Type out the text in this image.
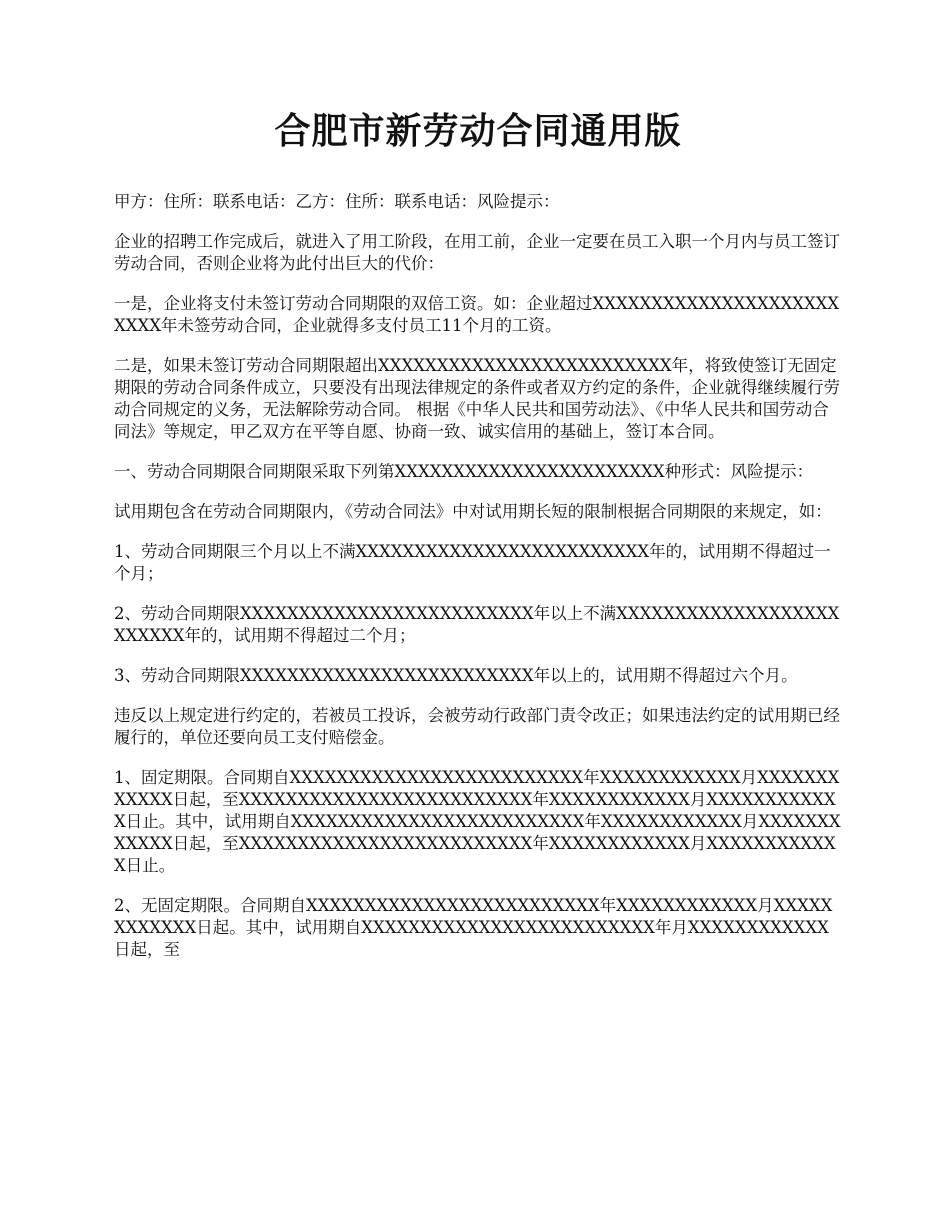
合肥市新劳动合同通用版

甲方：住所：联系电话：乙方：住所：联系电话：风险提示：

企业的招聘工作完成后，就进入了用工阶段，在用工前，企业一定要在员工入职一个月内与员工签订劳动合同，否则企业将为此付出巨大的代价：

一是，企业将支付未签订劳动合同期限的双倍工资。如：企业超过XXXXXXXXXXXXXXXXXXXXXXXXX年未签劳动合同，企业就得多支付员工11个月的工资。

二是，如果未签订劳动合同期限超出XXXXXXXXXXXXXXXXXXXXXXXXX年，将致使签订无固定期限的劳动合同条件成立，只要没有出现法律规定的条件或者双方约定的条件，企业就得继续履行劳动合同规定的义务，无法解除劳动合同。 根据《中华人民共和国劳动法》、《中华人民共和国劳动合同法》等规定，甲乙双方在平等自愿、协商一致、诚实信用的基础上，签订本合同。

一、劳动合同期限合同期限采取下列第XXXXXXXXXXXXXXXXXXXXXXX种形式：风险提示：

试用期包含在劳动合同期限内，《劳动合同法》中对试用期长短的限制根据合同期限的来规定，如：

1、劳动合同期限三个月以上不满XXXXXXXXXXXXXXXXXXXXXXXXX年的，试用期不得超过一个月；

2、劳动合同期限XXXXXXXXXXXXXXXXXXXXXXXXX年以上不满XXXXXXXXXXXXXXXXXXXXXXXXX年的，试用期不得超过二个月；

3、劳动合同期限XXXXXXXXXXXXXXXXXXXXXXXXX年以上的，试用期不得超过六个月。

违反以上规定进行约定的，若被员工投诉，会被劳动行政部门责令改正；如果违法约定的试用期已经履行的，单位还要向员工支付赔偿金。

1、固定期限。合同期自XXXXXXXXXXXXXXXXXXXXXXXXX年XXXXXXXXXXXX月XXXXXXXXXXXX日起，至XXXXXXXXXXXXXXXXXXXXXXXXX年XXXXXXXXXXXX月XXXXXXXXXXXX日止。其中，试用期自XXXXXXXXXXXXXXXXXXXXXXXXX年XXXXXXXXXXXX月XXXXXXXXXXXX日起，至XXXXXXXXXXXXXXXXXXXXXXXXX年XXXXXXXXXXXX月XXXXXXXXXXXX日止。

2、无固定期限。合同期自XXXXXXXXXXXXXXXXXXXXXXXXX年XXXXXXXXXXXX月XXXXXXXXXXXX日起。其中，试用期自XXXXXXXXXXXXXXXXXXXXXXXXX年月XXXXXXXXXXXX日起，至
